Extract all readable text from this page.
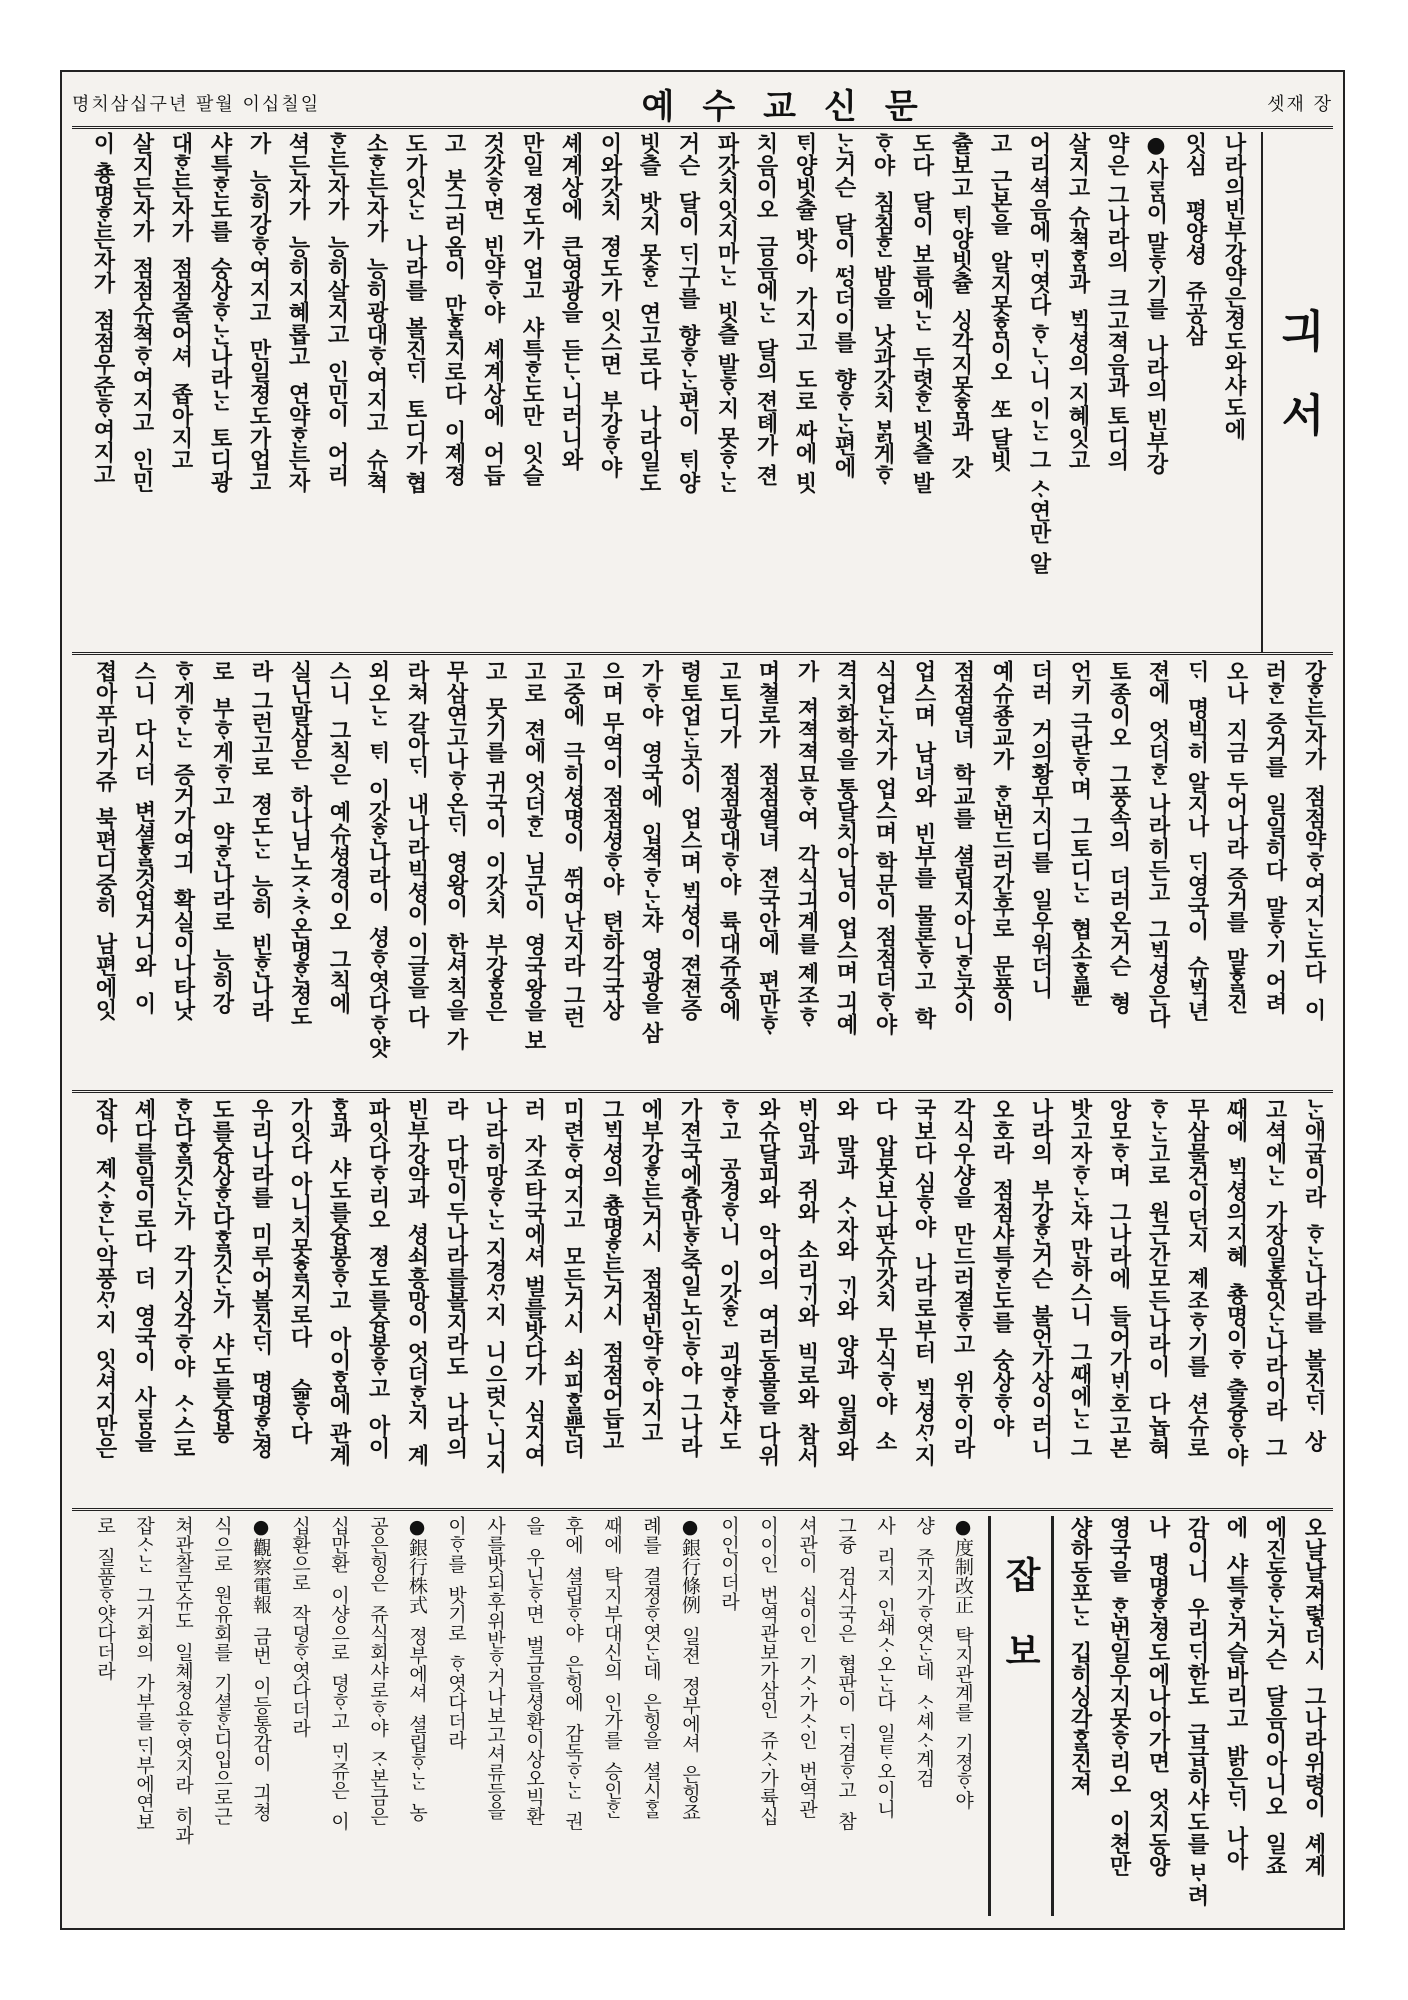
명치삼십구년 팔월 이십칠일	예수교신문	셋재 장
긔서
나라의빈부강약은졍도와샤도에
잇심   평양셩  쥬공삼
●사ᄅᆞᆷ이 말ᄒᆞ기를  나라의 빈부강
약은 그나라의  크고젹음과 토디의
살지고 슈쳑ᄒᆞᆷ과  ᄇᆡᆨ셩의 지혜잇고
어리셕음에 ᄆᆡ엿다 ᄒᆞᄂᆞ니 이ᄂᆞᆫ 그 ᄉᆞ연만 알
고  근본을  알지못ᄒᆞᆷ이오  ᄯᅩ 달빗
츌보고 ᄐᆡ양빗츌  싱각지못ᄒᆞᆷ과  갓
도다  달이 보름에ᄂᆞᆫ  두렷ᄒᆞᆫ 빗츨 발
ᄒᆞ야  침침ᄒᆞᆫ 밤을  낫과갓치 ᄇᆞᆰ게ᄒᆞ
ᄂᆞᆫ거슨  달이 ᄯᅥᆼ더이를  향ᄒᆞᄂᆞᆫ편에
ᄐᆡ양빗츌 밧아  가지고  도로 ᄯᅡ에 빗
치음이오  금음에ᄂᆞᆫ  달의 젼톄가 젼
파갓치잇지마ᄂᆞᆫ  빗츨 발ᄒᆞ지 못ᄒᆞᄂᆞᆫ
거슨  달이 ᄃᆡ구를  향ᄒᆞᄂᆞᆫ편이  ᄐᆡ양
빗츨  밧지 못ᄒᆞᆫ  연고로다  나라일도
이와갓치  졍도가 잇스면  부강ᄒᆞ야
셰계상에  큰영광을  듣ᄂᆞ니러니와
만일 졍도가 업고  샤특ᄒᆞᆫ도만  잇슬
것갓ᄒᆞ면  빈약ᄒᆞ야  셰계상에  어듭
고  붓그러옴이  만ᄒᆞᆯ지로다  이졔졍
도가잇ᄂᆞᆫ  나라를  볼진ᄃᆡ  토디가 협
소ᄒᆞᆫ든자가  능히광대ᄒᆞ여지고  슈쳑
ᄒᆞᆫ든자가  능히살지고  인민이  어리
셕든자가  능히지혜롭고  연약ᄒᆞᆫ든자
가  능히강ᄒᆞ여지고  만일졍도가업고
샤특ᄒᆞᆫ도를  숭상ᄒᆞᄂᆞᆫ나라ᄂᆞᆫ  토디광
대ᄒᆞᆫ든자가  점점줄어셔  좁아지고
살지든자가  점점슈쳑ᄒᆞ여지고  인민
이 춍명ᄒᆞᆫ든자가  점점우준ᄒᆞ여지고
강ᄒᆞᆫ든자가  점점약ᄒᆞ여지ᄂᆞᆫ도다  이
러ᄒᆞᆫ 증거를  일일히다  말ᄒᆞ기 어려
오나  지금 두어나라 증거를  말ᄒᆞᆯ진
ᄃᆡ  명빅히 알지나  ᄃᆡ영국이  슈ᄇᆡᆨ년
젼에  엇더ᄒᆞᆫ 나라히든고  그ᄇᆡᆨ셩은다
토종이오  그풍속의  더러온거슨  형
언키 극란ᄒᆞ며  그토디ᄂᆞᆫ  협소ᄒᆞᆯ뿐
더러  거의황무지디를  일우워더니
예슈죵교가  ᄒᆞᆫ번드러간후로  문풍이
점점열녀  학교를  셜립지아니ᄒᆞᆫ곳이
업스며  남녀와  빈부를  물론ᄒᆞ고  학
식업ᄂᆞᆫ자가 업스며 학문이 점점더ᄒᆞ야
격치화학을 통달치아님이 업스며 긔예
가  져젹젹묘ᄒᆞ여  각식긔계를 졔조ᄒᆞ
며쳘로가  점점열녀  젼국안에  편만ᄒᆞ
고토디가  점점광대ᄒᆞ야  륙대쥬중에
령토업ᄂᆞᆫ곳이  업스며 ᄇᆡᆨ셩이 젼젼증
가ᄒᆞ야  영국에  입젹ᄒᆞᄂᆞᆫ쟈  영광을 삼
으며 무역이 점점셩ᄒᆞ야  텬하각국상
고중에  극히셩명이  ᄯᅱ여난지라 그런
고로  젼에 엇더ᄒᆞᆫ  님군이  영국왕을 보
고  뭇기를 귀국이  이갓치  부강ᄒᆞᆷ은
무삼연고나ᄒᆞ온ᄃᆡ  영왕이  한셔칙을 가
라쳐 갈아ᄃᆡ  내나라빅셩이 이글을 다
외오ᄂᆞᆫ  ᄐᆡ  이갓ᄒᆞᆫ나라이  셩ᄒᆞ엿다ᄒᆞ얏
스니  그칙은  예슈셩경이오  그칙에
실닌말삼은  하나님노ᄌᆞᄎᆞ온명ᄒᆞᆫ졍도
라 그런고로  졍도ᄂᆞᆫ  능히  빈ᄒᆞᆫ나라
로  부ᄒᆞ게ᄒᆞ고  약ᄒᆞᆫ나라로  능히강
ᄒᆞ게ᄒᆞᄂᆞᆫ  증거가여긔  확실이나타낫
스니  다시더  변셜ᄒᆞᆯ것업거니와  이
졉아푸리가쥬  북편디중히  남편에잇
ᄂᆞᆫ애굽이라  ᄒᆞᄂᆞᆫ나라를  볼진ᄃᆡ  상
고셕에ᄂᆞᆫ  가장일홈잇ᄂᆞᆫ나라이라  그
ᄯᅢ에  ᄇᆡᆨ셩의지혜  춍명이ᄒᆞ 출즁ᄒᆞ야
무삼물건이던지  졔조ᄒᆞ기를  션슈로
ᄒᆞᄂᆞᆫ고로  원근간모든나라이  다놉혀
앙모ᄒᆞ며  그나라에  들어가ᄇᆡ호고본
밧고자ᄒᆞᄂᆞᆫ쟈 만하스니  그ᄯᅢ에ᄂᆞᆫ 그
나라의  부강ᄒᆞᆫ거슨  불언가상이러니
오호라  점점샤특ᄒᆞᆫ도를  숭상ᄒᆞ야
각식우샹을  만드러졀ᄒᆞ고  위ᄒᆞ이라
국보다 심ᄒᆞ야  나라로부터  ᄇᆡᆨ셩ᄭᆞ지
다  압못보나판슈갓치  무식ᄒᆞ야  소
와  말과  ᄉᆞ자와  ᄀᆡ와  양과  일희와
ᄇᆡ암과  쥐와  소리ᄀᆡ와  빅로와  참서
와슈달피와  악어의  여러동물을 다위
ᄒᆞ고  공경ᄒᆞ니  이갓ᄒᆞᆫ  괴약ᄒᆞᆫ샤도
가젼국에츙만ᄒᆞᆫ죽일노인ᄒᆞ야 그나라
에부강ᄒᆞᆫ든거시  점점빈약ᄒᆞ야지고
그ᄇᆡᆨ셩의 춍명ᄒᆞᆫ든거시  점점어듭고
미련ᄒᆞ여지고  모든거시  쇠피ᄒᆞᆯ뿐더
러  자조타국에셔 벌를밧다가  심지여
나라히망ᄒᆞᄂᆞᆫ 지경ᄭᆞ지  니으럿ᄂᆞ니지
라  다만이두나라를볼지라도  나라의
빈부강약과  셩쇠흥망이 엇더ᄒᆞᆫ지  계
파잇다ᄒᆞ리오  졍도를슝봉ᄒᆞ고  아이
ᄒᆞᆷ과  샤도를슝봉ᄒᆞ고  아이ᄒᆞᆷ에 관계
가잇다 아니치못ᄒᆞᆯ지로다    슯ᄒᆞ다
우리나라를  미루어볼진ᄃᆡ  명명ᄒᆞᆫ졍
도를슝상ᄒᆞᆫ다ᄒᆞᆯ깃ᄂᆞᆫ가  샤도를슝봉
ᄒᆞᆫ다ᄒᆞᆯ깃ᄂᆞᆫ가  각기싱각ᄒᆞ야  ᄉᆞ스로
셰다를일이로다  더  영국이  사ᄅᆞᆷ을
잡아  졔ᄉᆞᄒᆞᆫᄂᆞ악풍ᄭᆞ지  잇셔지만은
오날날져렇더시  그나라위령이  셰계
에진동ᄒᆞᄂᆞᆫ거슨  달음이아니오  일죠
에  샤특ᄒᆞᆫ거슬바리고  밝은ᄃᆡ  나아
감이니  우리ᄃᆡ한도  급급히샤도를 ᄇᆞ려
나  명명ᄒᆞᆫ졍도에나아가면  엇지동양
영국을  ᄒᆞᆫ번일우지못ᄒᆞ리오  이쳔만
샹하동포ᄂᆞᆫ  깁히싱각ᄒᆞᆯ진져
잡보
●度制改正  탁지관계를  기졍ᄒᆞ야
샹  쥬지가ᄒᆞ엿ᄂᆞᆫ데  ᄉᆞ셰ᄉᆞ계검
사  리지  인쇄ᄉᆞ오ᄂᆞᆫ다  일ᄐᆞ오이니
그즁  검사국은  협판이  ᄃᆡ겸ᄒᆞ고  참
셔관이  십이인  기ᄉᆞ가ᄉᆞ인  번역관
이이인  번역관보가삼인  쥬ᄉᆞ가륙십
이인이더라
●銀行條例  일젼  졍부에셔  은힝죠
례를  결졍ᄒᆞ엿ᄂᆞᆫ데  은힝을  셜시ᄒᆞᆯ
ᄯᅢ에  탁지부대신의  인가를  승인ᄒᆞᆫ
후에  셜립ᄒᆞ야  은힝에  감독ᄒᆞᄂᆞᆫ  권
을  우닌ᄒᆞ면  벌금을셩환이상오빅환
사를밧되후위반ᄒᆞ거나보고셔류등을
이ᄒᆞ를  밧기로  ᄒᆞ엿다더라
●銀行株式  졍부에셔  셜립ᄒᆞᄂᆞᆫ  농
공은힝은  쥬식회샤로ᄒᆞ야  ᄌᆞ본금은
십만환  이샹으로  뎡ᄒᆞ고  ᄆᆡ쥬은  이
십환으로  작뎡ᄒᆞ엿다더라
●觀察電報  금번  이등통감이  긔쳥
식으로  원유회를  기셜ᄒᆞᆫ디입으로근
쳐관찰군슈도  일쳬쳥요ᄒᆞ엿지라  히과
잡ᄉᆞᄂᆞᆫ  그거회의  가부를 ᄃᆡ부에연보
로  질품ᄒᆞ얏다더라
